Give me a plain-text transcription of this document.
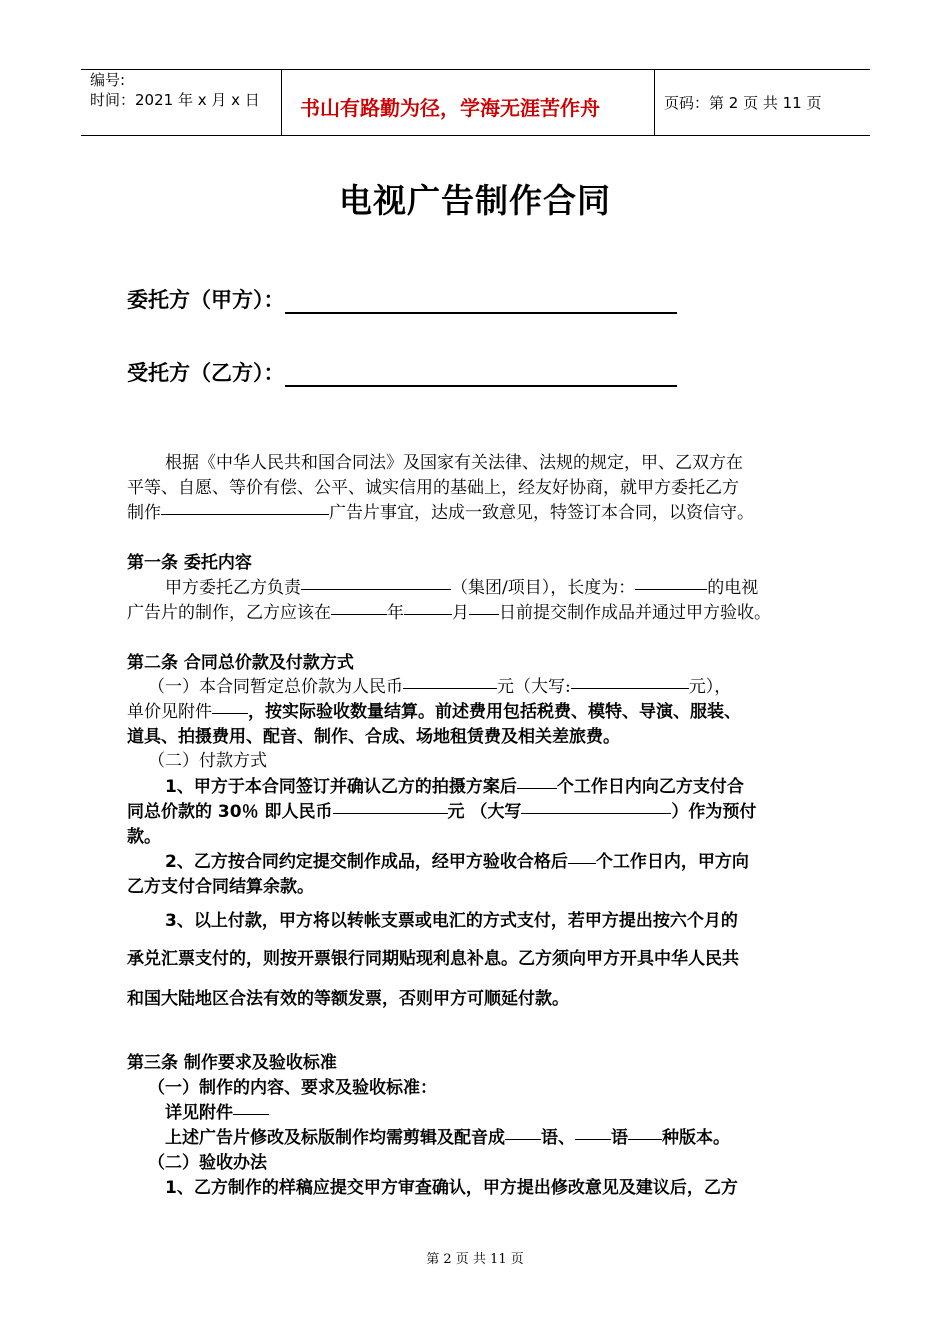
编号:
时间：2021 年 x 月 x 日 书山有路勤为径，学海无涯苦作舟	页码：第 2 页 共 11 页
电视广告制作合同
委托方（甲方）：
受托方（乙方）：
根据《中华人民共和国合同法》及国家有关法律、法规的规定，甲、乙双方在
平等、自愿、等价有偿、公平、诚实信用的基础上，经友好协商，就甲方委托乙方
制作	广告片事宜，达成一致意见，特签订本合同，以资信守。
第一条 委托内容
甲方委托乙方负责	（集团/项目），长度为：	的电视
广告片的制作，乙方应该在	年	月 日前提交制作成品并通过甲方验收。
第二条 合同总价款及付款方式
（一）本合同暂定总价款为人民币	元（大写:	元），
单价见附件 ，按实际验收数量结算。前述费用包括税费、模特、导演、服装、
道具、拍摄费用、配音、制作、合成、场地租赁费及相关差旅费。
（二）付款方式
1、甲方于本合同签订并确认乙方的拍摄方案后 个工作日内向乙方支付合
同总价款的 30％ 即人民币	元 （大写	）作为预付
款。
2、乙方按合同约定提交制作成品，经甲方验收合格后 个工作日内，甲方向
乙方支付合同结算余款。
3、以上付款，甲方将以转帐支票或电汇的方式支付，若甲方提出按六个月的
承兑汇票支付的，则按开票银行同期贴现利息补息。乙方须向甲方开具中华人民共
和国大陆地区合法有效的等额发票，否则甲方可顺延付款。
第三条 制作要求及验收标准
（一）制作的内容、要求及验收标准：
详见附件
上述广告片修改及标版制作均需剪辑及配音成 语、 语 种版本。
（二）验收办法
1、乙方制作的样稿应提交甲方审查确认，甲方提出修改意见及建议后，乙方
第 2 页 共 11 页
